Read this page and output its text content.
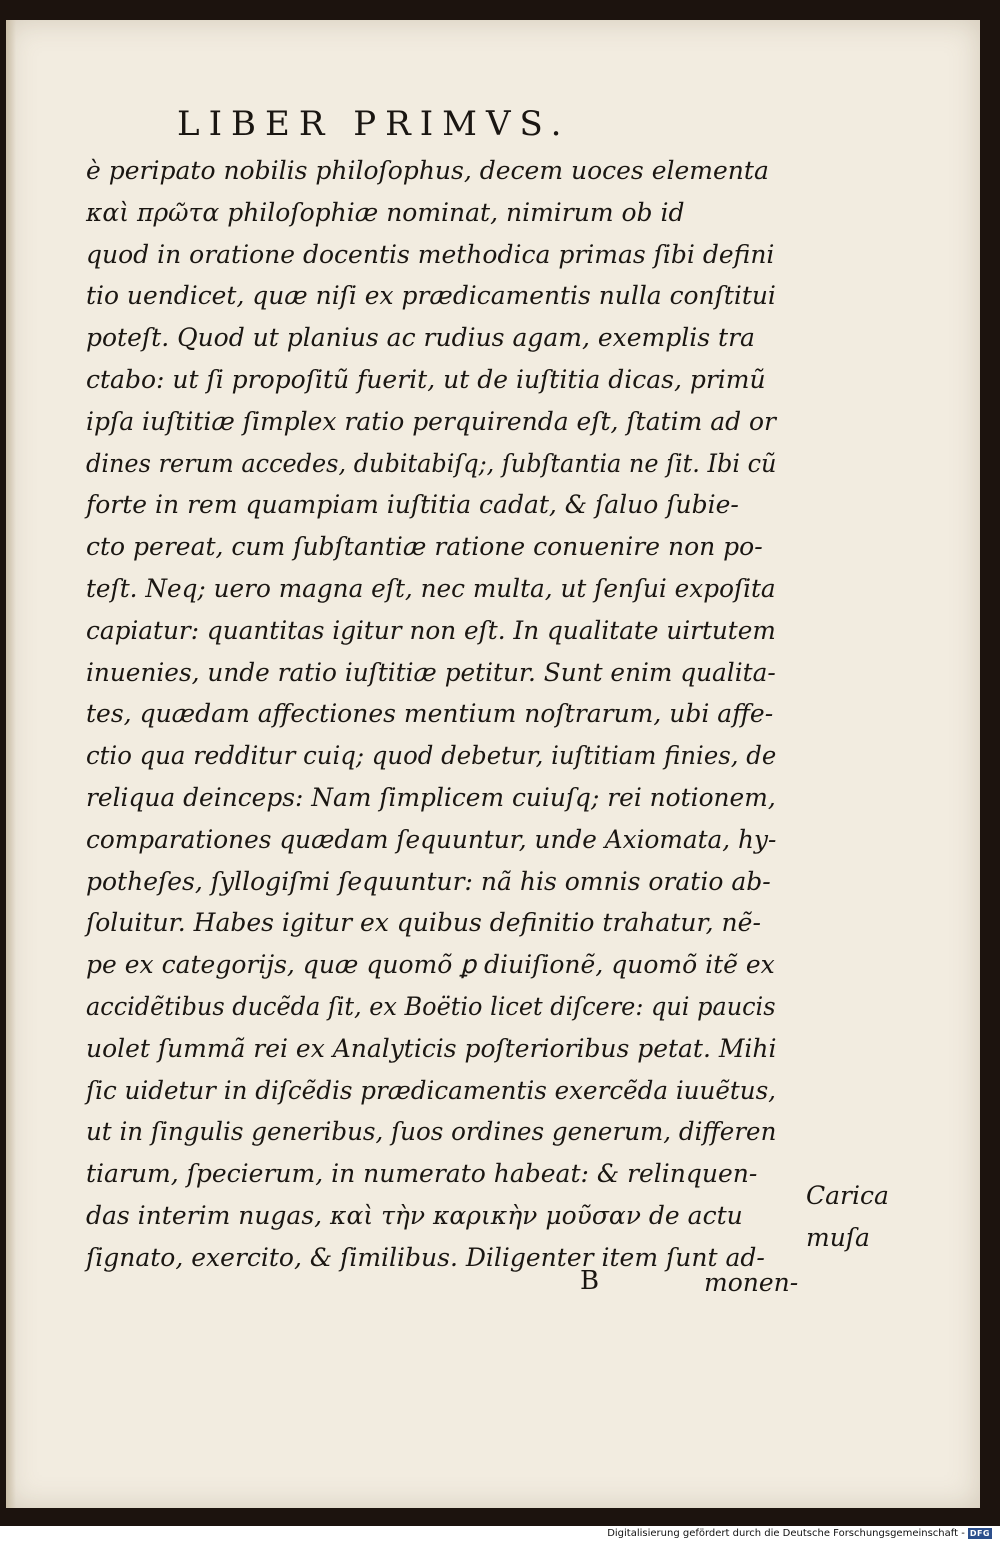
LIBER PRIMVS.
è peripato nobilis philoſophus, decem uoces elementa
καὶ πρῶτα philoſophiæ nominat, nimirum ob id
quod in oratione docentis methodica primas ſibi defini
tio uendicet, quæ niſi ex prædicamentis nulla conſtitui
poteſt. Quod ut planius ac rudius agam, exemplis tra
ctabo: ut ſi propoſitũ fuerit, ut de iuſtitia dicas, primũ
ipſa iuſtitiæ ſimplex ratio perquirenda eſt, ſtatim ad or
dines rerum accedes, dubitabiſq;, ſubſtantia ne ſit. Ibi cũ
forte in rem quampiam iuſtitia cadat, & ſaluo ſubie-
cto pereat, cum ſubſtantiæ ratione conuenire non po-
teſt. Neq; uero magna eſt, nec multa, ut ſenſui expoſita
capiatur: quantitas igitur non eſt. In qualitate uirtutem
inuenies, unde ratio iuſtitiæ petitur. Sunt enim qualita-
tes, quædam affectiones mentium noſtrarum, ubi affe-
ctio qua redditur cuiq; quod debetur, iuſtitiam finies, de
reliqua deinceps: Nam ſimplicem cuiuſq; rei notionem,
comparationes quædam ſequuntur, unde Axiomata, hy-
potheſes, ſyllogiſmi ſequuntur: nã his omnis oratio ab-
ſoluitur. Habes igitur ex quibus definitio trahatur, nẽ-
pe ex categorijs, quæ quomõ ꝑ diuiſionẽ, quomõ itẽ ex
accidẽtibus ducẽda ſit, ex Boëtio licet diſcere: qui paucis
uolet ſummã rei ex Analyticis poſterioribus petat. Mihi
ſic uidetur in diſcẽdis prædicamentis exercẽda iuuẽtus,
ut in ſingulis generibus, ſuos ordines generum, differen
tiarum, ſpecierum, in numerato habeat: & relinquen-
das interim nugas, καὶ τὴν καρικὴν μοῦσαν de actu
ſignato, exercito, & ſimilibus. Diligenter item ſunt ad-
Carica
muſa
B	monen-
Digitalisierung gefördert durch die Deutsche Forschungsgemeinschaft - DFG
